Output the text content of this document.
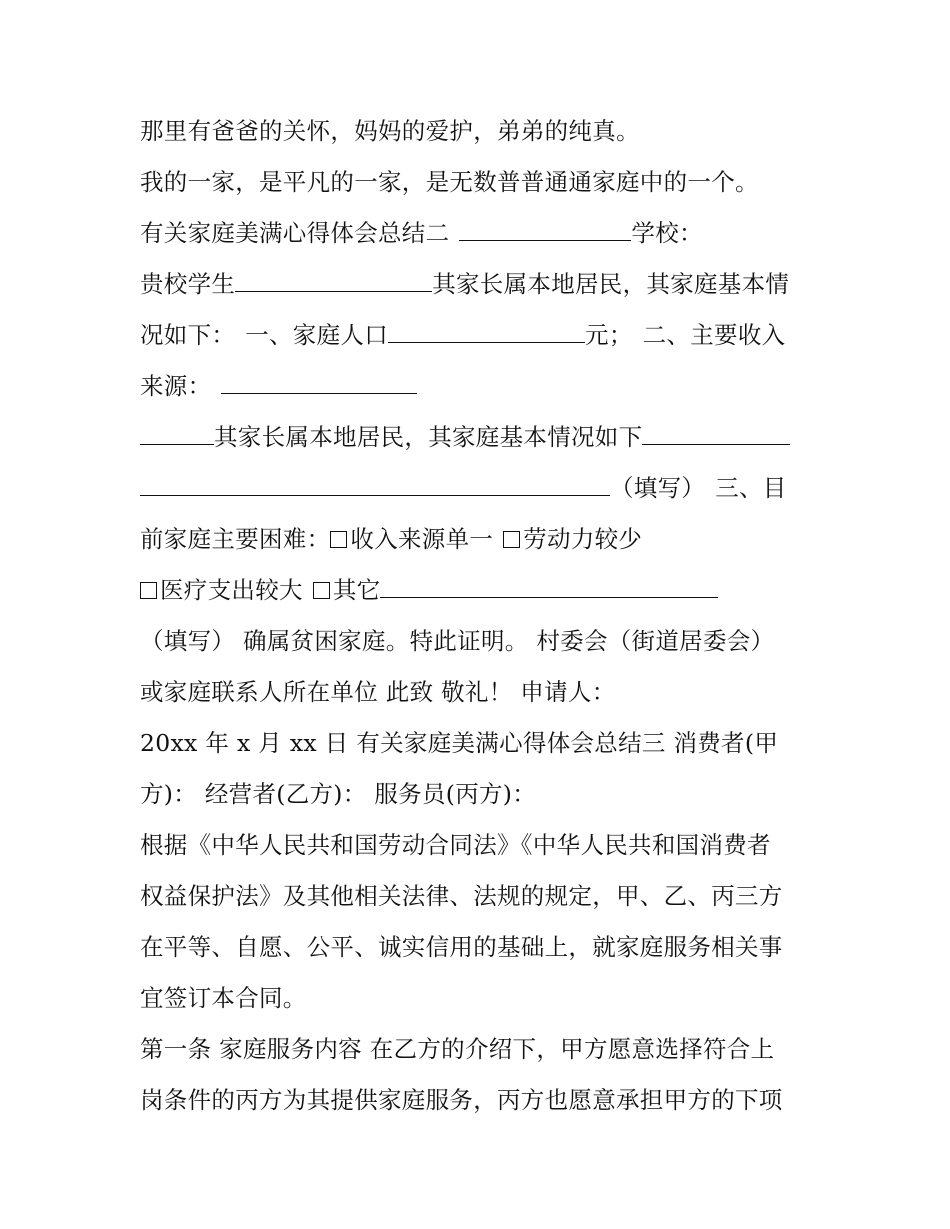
那里有爸爸的关怀，妈妈的爱护，弟弟的纯真。
我的一家，是平凡的一家，是无数普普通通家庭中的一个。
有关家庭美满心得体会总结二	学校：
贵校学生	其家长属本地居民，其家庭基本情
况如下： 一、家庭人口	元； 二、主要收入
来源：
其家长属本地居民，其家庭基本情况如下
（填写） 三、目
前家庭主要困难： 收入来源单一 劳动力较少
医疗支出较大 其它
（填写） 确属贫困家庭。特此证明。 村委会（街道居委会）
或家庭联系人所在单位 此致 敬礼！ 申请人：
20xx 年 x 月 xx 日 有关家庭美满心得体会总结三 消费者(甲
方)： 经营者(乙方)： 服务员(丙方)：
根据《中华人民共和国劳动合同法》《中华人民共和国消费者
权益保护法》及其他相关法律、法规的规定，甲、乙、丙三方
在平等、自愿、公平、诚实信用的基础上，就家庭服务相关事
宜签订本合同。
第一条 家庭服务内容 在乙方的介绍下，甲方愿意选择符合上
岗条件的丙方为其提供家庭服务，丙方也愿意承担甲方的下项
